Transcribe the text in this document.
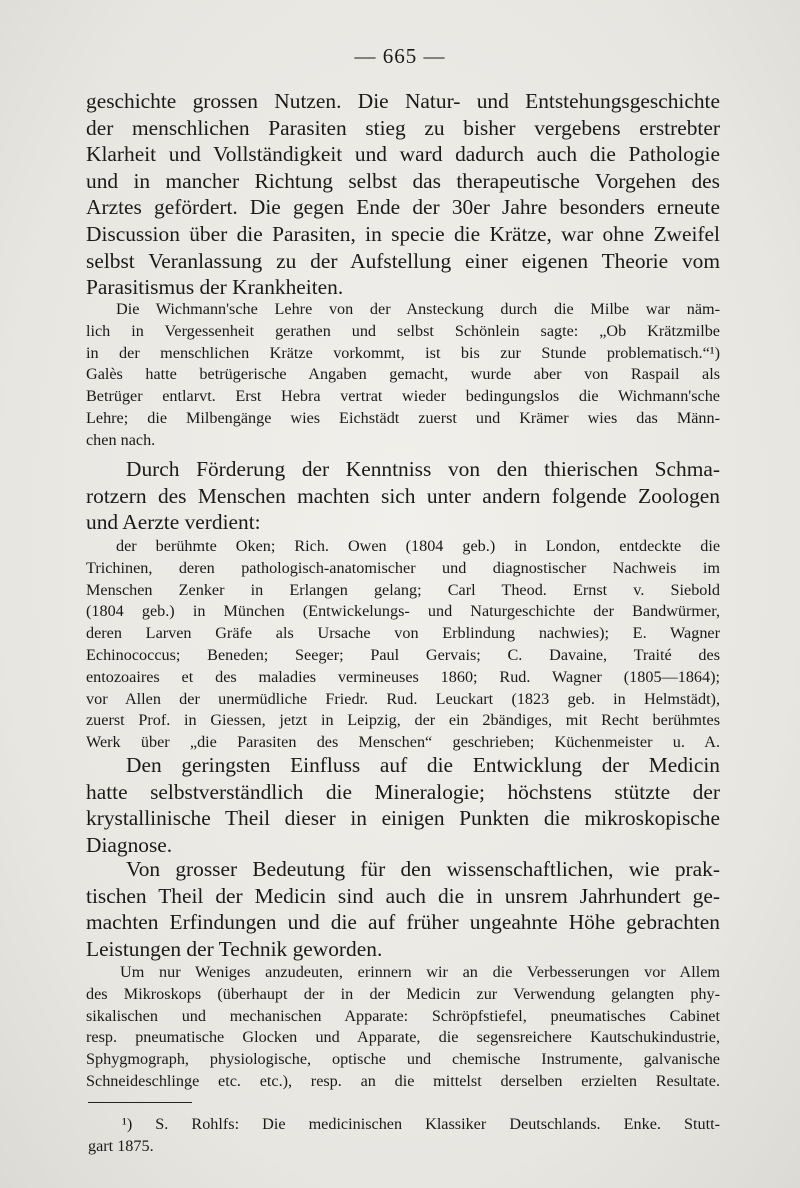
— 665 —
geschichte grossen Nutzen. Die Natur- und Entstehungsgeschichte
der menschlichen Parasiten stieg zu bisher vergebens erstrebter
Klarheit und Vollständigkeit und ward dadurch auch die Pathologie
und in mancher Richtung selbst das therapeutische Vorgehen des
Arztes gefördert. Die gegen Ende der 30er Jahre besonders erneute
Discussion über die Parasiten, in specie die Krätze, war ohne Zweifel
selbst Veranlassung zu der Aufstellung einer eigenen Theorie vom
Parasitismus der Krankheiten.
Die Wichmann'sche Lehre von der Ansteckung durch die Milbe war näm-
lich in Vergessenheit gerathen und selbst Schönlein sagte: „Ob Krätzmilbe
in der menschlichen Krätze vorkommt, ist bis zur Stunde problematisch.“¹)
Galès hatte betrügerische Angaben gemacht, wurde aber von Raspail als
Betrüger entlarvt. Erst Hebra vertrat wieder bedingungslos die Wichmann'sche
Lehre; die Milbengänge wies Eichstädt zuerst und Krämer wies das Männ-
chen nach.
Durch Förderung der Kenntniss von den thierischen Schma-
rotzern des Menschen machten sich unter andern folgende Zoologen
und Aerzte verdient:
der berühmte Oken; Rich. Owen (1804 geb.) in London, entdeckte die
Trichinen, deren pathologisch-anatomischer und diagnostischer Nachweis im
Menschen Zenker in Erlangen gelang; Carl Theod. Ernst v. Siebold
(1804 geb.) in München (Entwickelungs- und Naturgeschichte der Bandwürmer,
deren Larven Gräfe als Ursache von Erblindung nachwies); E. Wagner
Echinococcus; Beneden; Seeger; Paul Gervais; C. Davaine, Traité des
entozoaires et des maladies vermineuses 1860; Rud. Wagner (1805—1864);
vor Allen der unermüdliche Friedr. Rud. Leuckart (1823 geb. in Helmstädt),
zuerst Prof. in Giessen, jetzt in Leipzig, der ein 2bändiges, mit Recht berühmtes
Werk über „die Parasiten des Menschen“ geschrieben; Küchenmeister u. A.
Den geringsten Einfluss auf die Entwicklung der Medicin
hatte selbstverständlich die Mineralogie; höchstens stützte der
krystallinische Theil dieser in einigen Punkten die mikroskopische
Diagnose.
Von grosser Bedeutung für den wissenschaftlichen, wie prak-
tischen Theil der Medicin sind auch die in unsrem Jahrhundert ge-
machten Erfindungen und die auf früher ungeahnte Höhe gebrachten
Leistungen der Technik geworden.
Um nur Weniges anzudeuten, erinnern wir an die Verbesserungen vor Allem
des Mikroskops (überhaupt der in der Medicin zur Verwendung gelangten phy-
sikalischen und mechanischen Apparate: Schröpfstiefel, pneumatisches Cabinet
resp. pneumatische Glocken und Apparate, die segensreichere Kautschukindustrie,
Sphygmograph, physiologische, optische und chemische Instrumente, galvanische
Schneideschlinge etc. etc.), resp. an die mittelst derselben erzielten Resultate.
¹) S. Rohlfs: Die medicinischen Klassiker Deutschlands. Enke. Stutt-
gart 1875.
